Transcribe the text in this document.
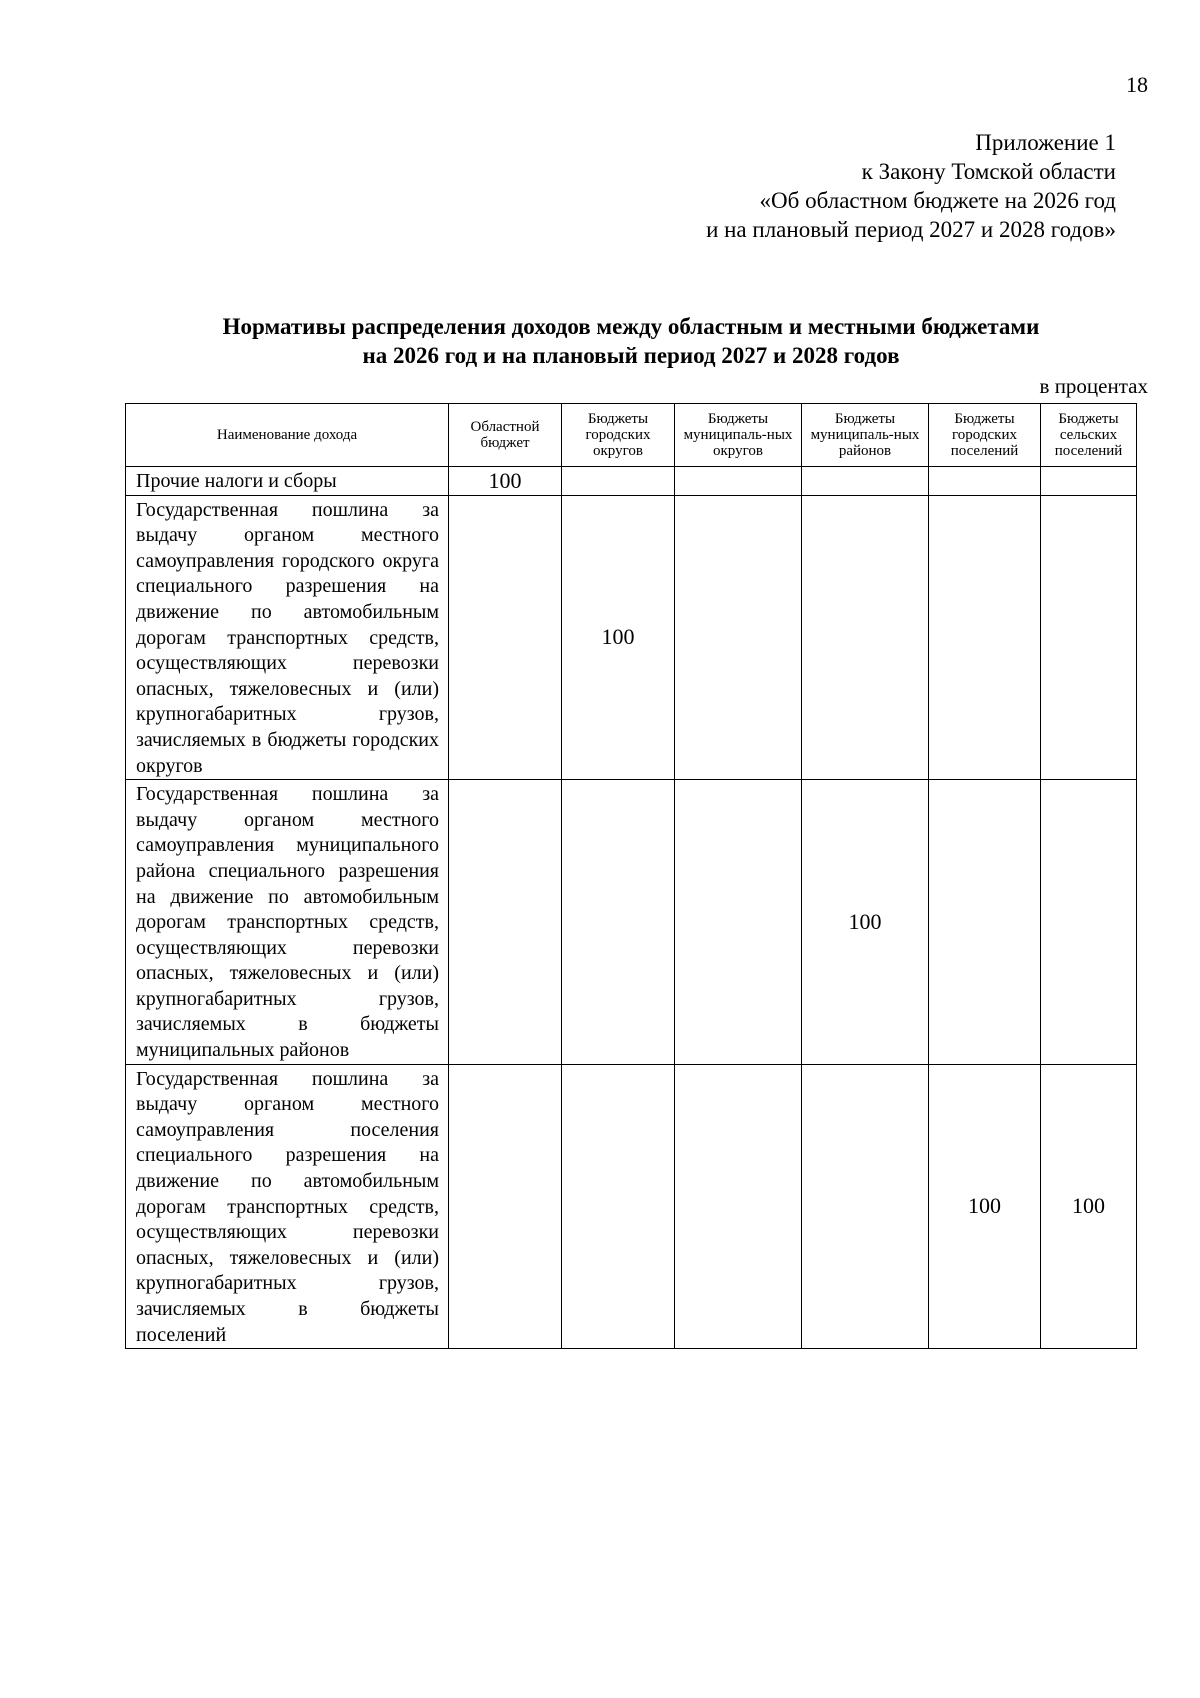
18
Приложение 1
к Закону Томской области
«Об областном бюджете на 2026 год
и на плановый период 2027 и 2028 годов»
Нормативы распределения доходов между областным и местными бюджетами
на 2026 год и на плановый период 2027 и 2028 годов
в процентах
Наименование дохода	Областной бюджет	Бюджеты городских округов	Бюджеты муниципаль-ных округов	Бюджеты муниципаль-ных районов	Бюджеты городских поселений	Бюджеты сельских поселений
Прочие налоги и сборы	100					
Государственная пошлина за выдачу органом местного самоуправления городского округа специального разрешения на движение по автомобильным дорогам транспортных средств, осуществляющих перевозки опасных, тяжеловесных и (или) крупногабаритных грузов, зачисляемых в бюджеты городских округов		100				
Государственная пошлина за выдачу органом местного самоуправления муниципального района специального разрешения на движение по автомобильным дорогам транспортных средств, осуществляющих перевозки опасных, тяжеловесных и (или) крупногабаритных грузов, зачисляемых в бюджеты муниципальных районов				100		
Государственная пошлина за выдачу органом местного самоуправления поселения специального разрешения на движение по автомобильным дорогам транспортных средств, осуществляющих перевозки опасных, тяжеловесных и (или) крупногабаритных грузов, зачисляемых в бюджеты поселений					100	100
